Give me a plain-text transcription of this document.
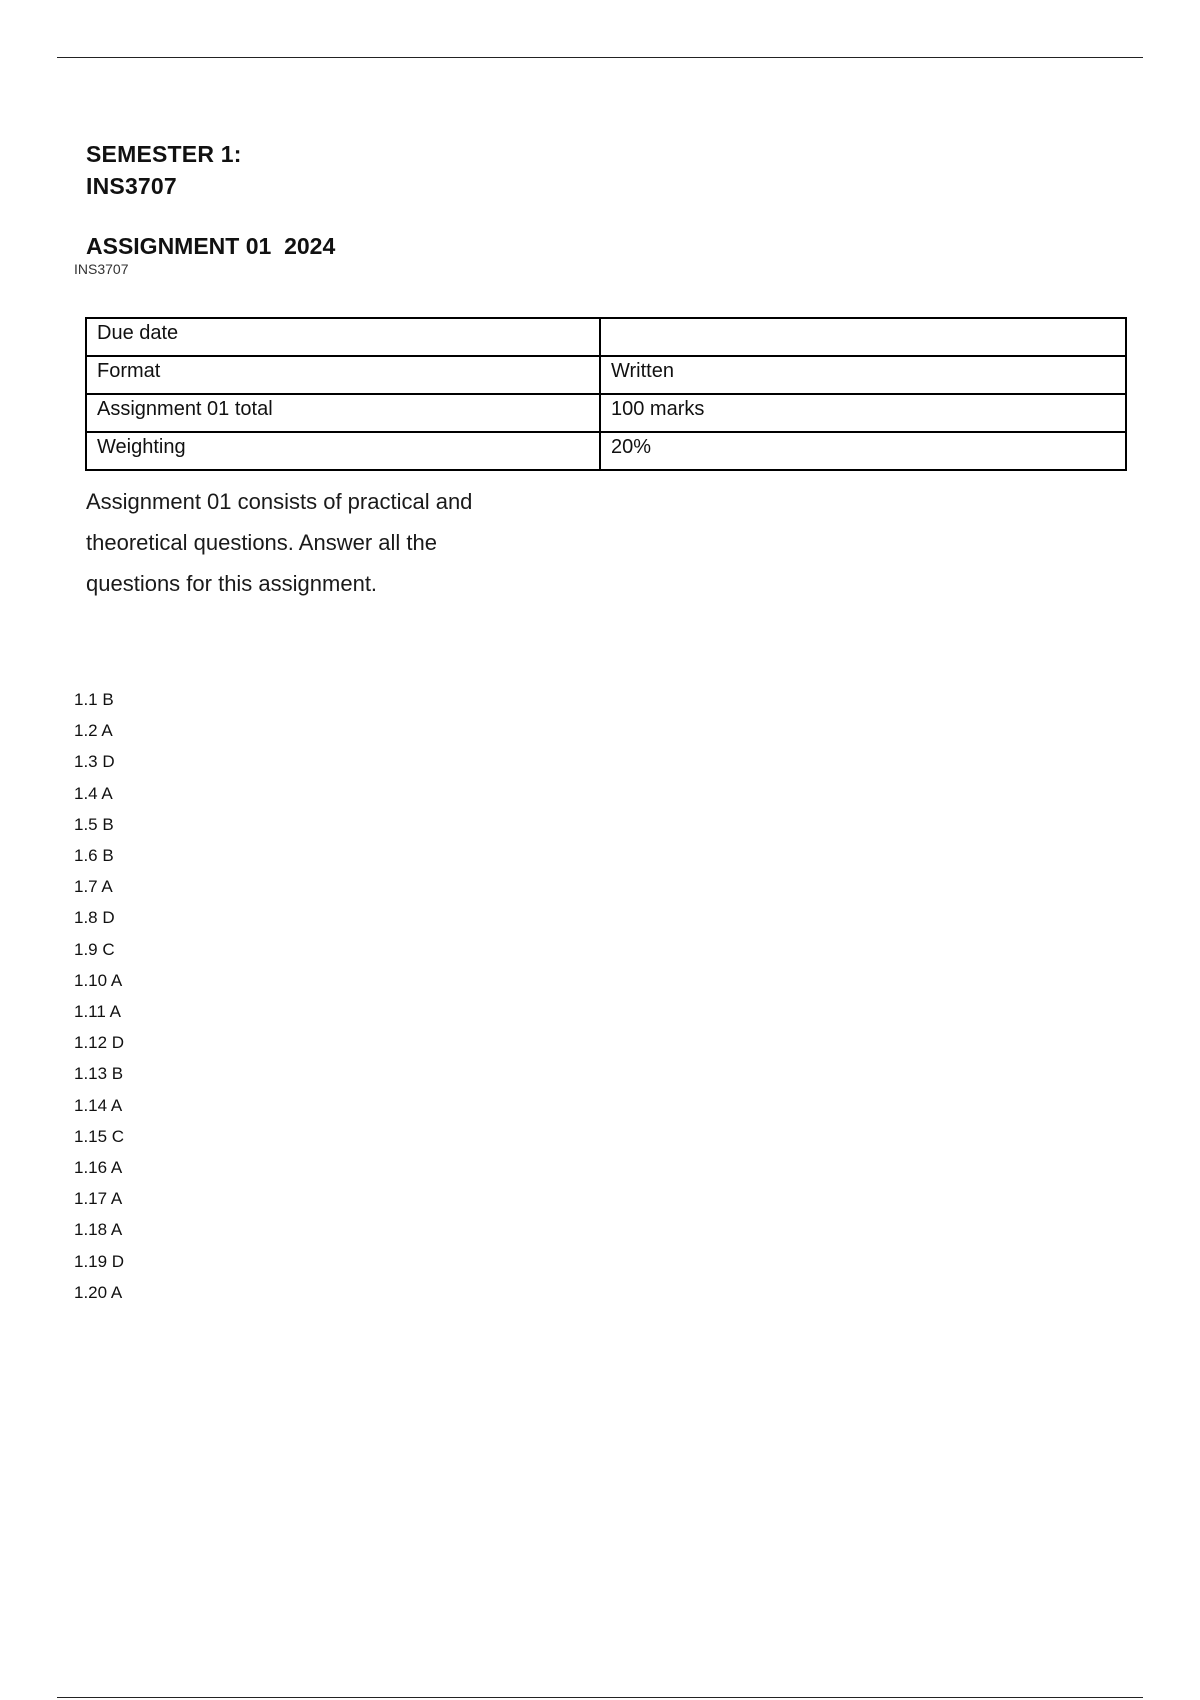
SEMESTER 1:
INS3707
ASSIGNMENT 01  2024
INS3707
Due date	
Format	Written
Assignment 01 total	100 marks
Weighting	20%
Assignment 01 consists of practical and
theoretical questions. Answer all the
questions for this assignment.
1.1 B
1.2 A
1.3 D
1.4 A
1.5 B
1.6 B
1.7 A
1.8 D
1.9 C
1.10 A
1.11 A
1.12 D
1.13 B
1.14 A
1.15 C
1.16 A
1.17 A
1.18 A
1.19 D
1.20 A
